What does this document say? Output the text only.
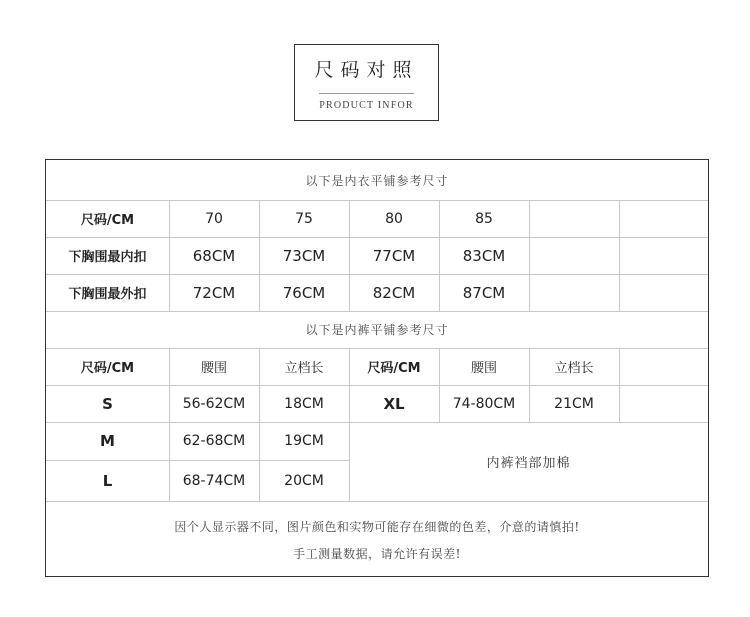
尺码对照
PRODUCT INFOR
以下是内衣平铺参考尺寸
尺码/CM	70	75	80	85
下胸围最内扣	68CM	73CM	77CM	83CM
下胸围最外扣	72CM	76CM	82CM	87CM
以下是内裤平铺参考尺寸
尺码/CM	腰围	立档长	尺码/CM	腰围	立档长
S	56-62CM	18CM	XL	74-80CM	21CM
M	62-68CM	19CM
L	68-74CM	20CM
内裤裆部加棉
因个人显示器不同，图片颜色和实物可能存在细微的色差，介意的请慎拍!
手工测量数据，请允许有误差!
